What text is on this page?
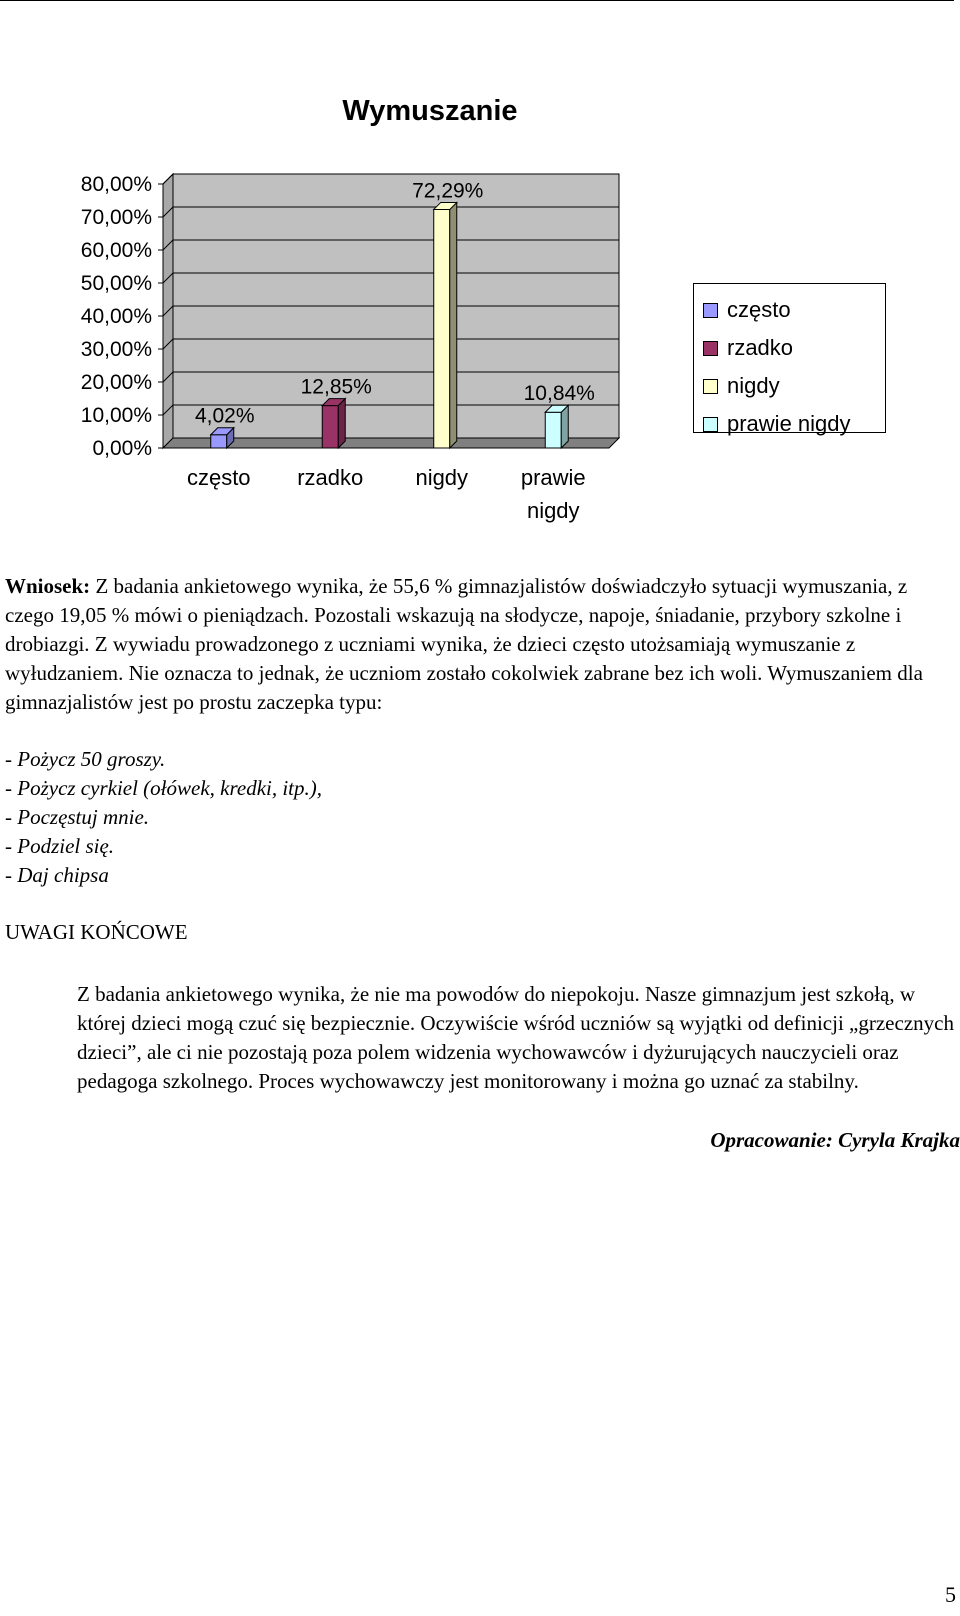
Wymuszanie
0,00%
10,00%
20,00%
30,00%
40,00%
50,00%
60,00%
70,00%
80,00%
4,02%
często
12,85%
rzadko
72,29%
nigdy
10,84%
prawie
nigdy
często
rzadko
nigdy
prawie nigdy

Wniosek: Z badania ankietowego wynika, że 55,6 % gimnazjalistów doświadczyło sytuacji wymuszania, z czego 19,05 % mówi o pieniądzach. Pozostali wskazują na słodycze, napoje, śniadanie, przybory szkolne i drobiazgi. Z wywiadu prowadzonego z uczniami wynika, że dzieci często utożsamiają wymuszanie z wyłudzaniem. Nie oznacza to jednak, że uczniom zostało cokolwiek zabrane bez ich woli. Wymuszaniem dla gimnazjalistów jest po prostu zaczepka typu:

- Pożycz 50 groszy.

- Pożycz cyrkiel (ołówek, kredki, itp.),

- Poczęstuj mnie.

- Podziel się.

- Daj chipsa

UWAGI KOŃCOWE

Z badania ankietowego wynika, że nie ma powodów do niepokoju. Nasze gimnazjum jest szkołą, w której dzieci mogą czuć się bezpiecznie. Oczywiście wśród uczniów są wyjątki od definicji „grzecznych dzieci”, ale ci nie pozostają poza polem widzenia wychowawców i dyżurujących nauczycieli oraz pedagoga szkolnego. Proces wychowawczy jest monitorowany i można go uznać za stabilny.

Opracowanie: Cyryla Krajka
5
